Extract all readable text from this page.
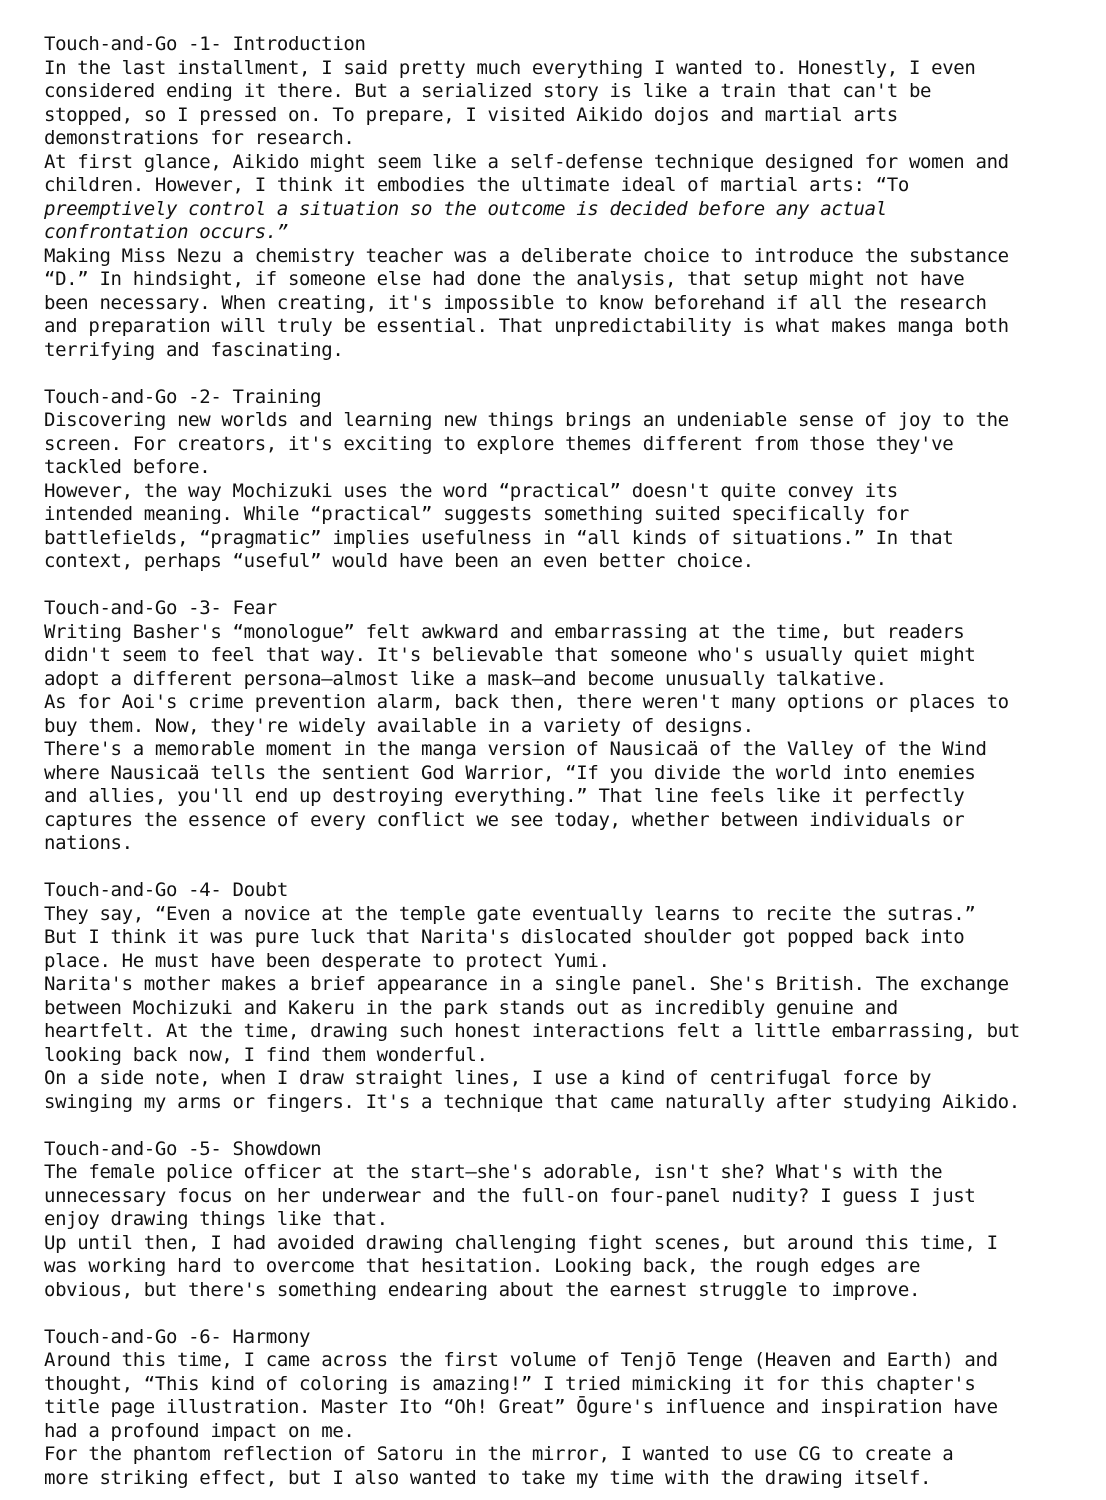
Touch-and-Go -1- Introduction
In the last installment, I said pretty much everything I wanted to. Honestly, I even
considered ending it there. But a serialized story is like a train that can't be
stopped, so I pressed on. To prepare, I visited Aikido dojos and martial arts
demonstrations for research.
At first glance, Aikido might seem like a self-defense technique designed for women and
children. However, I think it embodies the ultimate ideal of martial arts: “To
preemptively control a situation so the outcome is decided before any actual
confrontation occurs.”
Making Miss Nezu a chemistry teacher was a deliberate choice to introduce the substance
“D.” In hindsight, if someone else had done the analysis, that setup might not have
been necessary. When creating, it's impossible to know beforehand if all the research
and preparation will truly be essential. That unpredictability is what makes manga both
terrifying and fascinating.
Touch-and-Go -2- Training
Discovering new worlds and learning new things brings an undeniable sense of joy to the
screen. For creators, it's exciting to explore themes different from those they've
tackled before.
However, the way Mochizuki uses the word “practical” doesn't quite convey its
intended meaning. While “practical” suggests something suited specifically for
battlefields, “pragmatic” implies usefulness in “all kinds of situations.” In that
context, perhaps “useful” would have been an even better choice.
Touch-and-Go -3- Fear
Writing Basher's “monologue” felt awkward and embarrassing at the time, but readers
didn't seem to feel that way. It's believable that someone who's usually quiet might
adopt a different persona—almost like a mask—and become unusually talkative.
As for Aoi's crime prevention alarm, back then, there weren't many options or places to
buy them. Now, they're widely available in a variety of designs.
There's a memorable moment in the manga version of Nausicaä of the Valley of the Wind
where Nausicaä tells the sentient God Warrior, “If you divide the world into enemies
and allies, you'll end up destroying everything.” That line feels like it perfectly
captures the essence of every conflict we see today, whether between individuals or
nations.
Touch-and-Go -4- Doubt
They say, “Even a novice at the temple gate eventually learns to recite the sutras.”
But I think it was pure luck that Narita's dislocated shoulder got popped back into
place. He must have been desperate to protect Yumi.
Narita's mother makes a brief appearance in a single panel. She's British. The exchange
between Mochizuki and Kakeru in the park stands out as incredibly genuine and
heartfelt. At the time, drawing such honest interactions felt a little embarrassing, but
looking back now, I find them wonderful.
On a side note, when I draw straight lines, I use a kind of centrifugal force by
swinging my arms or fingers. It's a technique that came naturally after studying Aikido.
Touch-and-Go -5- Showdown
The female police officer at the start—she's adorable, isn't she? What's with the
unnecessary focus on her underwear and the full-on four-panel nudity? I guess I just
enjoy drawing things like that.
Up until then, I had avoided drawing challenging fight scenes, but around this time, I
was working hard to overcome that hesitation. Looking back, the rough edges are
obvious, but there's something endearing about the earnest struggle to improve.
Touch-and-Go -6- Harmony
Around this time, I came across the first volume of Tenjō Tenge (Heaven and Earth) and
thought, “This kind of coloring is amazing!” I tried mimicking it for this chapter's
title page illustration. Master Ito “Oh! Great” Ōgure's influence and inspiration have
had a profound impact on me.
For the phantom reflection of Satoru in the mirror, I wanted to use CG to create a
more striking effect, but I also wanted to take my time with the drawing itself.
